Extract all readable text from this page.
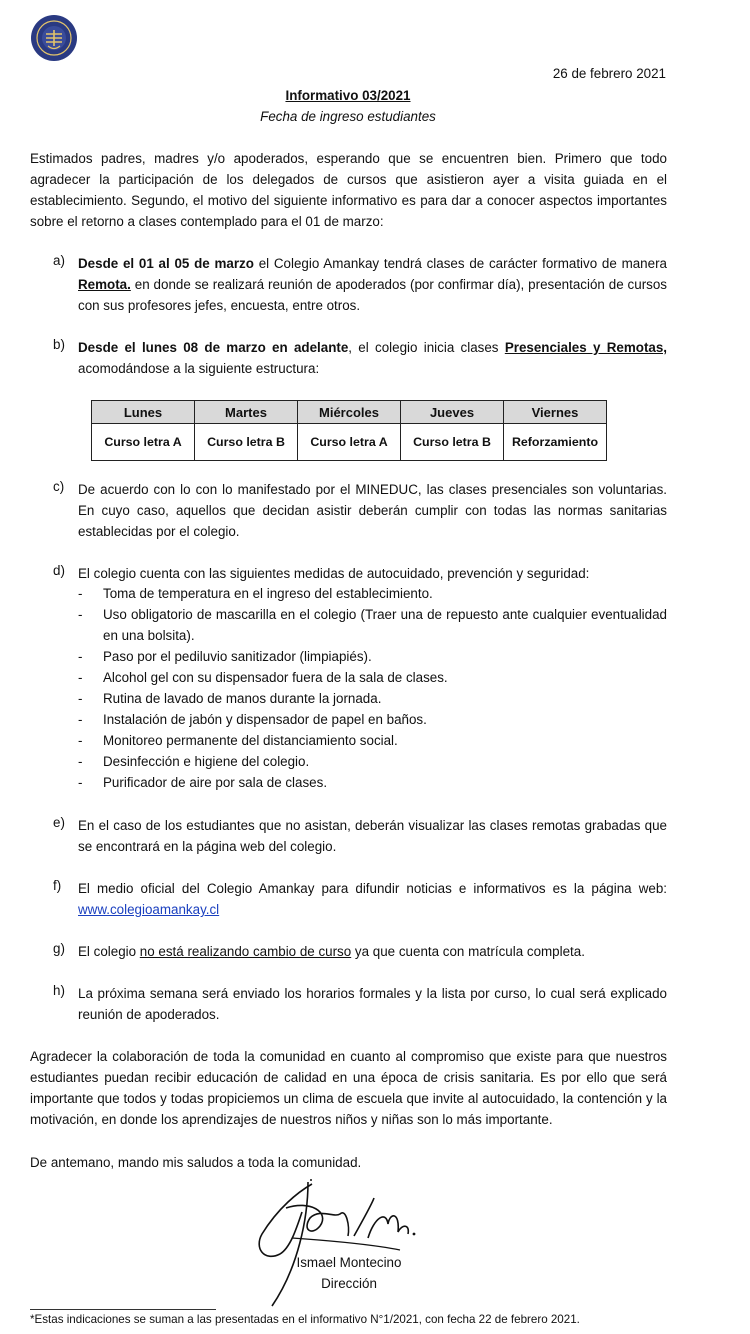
26 de febrero 2021
Informativo 03/2021
Fecha de ingreso estudiantes
Estimados padres, madres y/o apoderados, esperando que se encuentren bien. Primero que todo agradecer la participación de los delegados de cursos que asistieron ayer a visita guiada en el establecimiento. Segundo, el motivo del siguiente informativo es para dar a conocer aspectos importantes sobre el retorno a clases contemplado para el 01 de marzo:
a) Desde el 01 al 05 de marzo el Colegio Amankay tendrá clases de carácter formativo de manera Remota. en donde se realizará reunión de apoderados (por confirmar día), presentación de cursos con sus profesores jefes, encuesta, entre otros.
b) Desde el lunes 08 de marzo en adelante, el colegio inicia clases Presenciales y Remotas, acomodándose a la siguiente estructura:
Lunes	Martes	Miércoles	Jueves	Viernes
Curso letra A	Curso letra B	Curso letra A	Curso letra B	Reforzamiento
c) De acuerdo con lo con lo manifestado por el MINEDUC, las clases presenciales son voluntarias. En cuyo caso, aquellos que decidan asistir deberán cumplir con todas las normas sanitarias establecidas por el colegio.
d) El colegio cuenta con las siguientes medidas de autocuidado, prevención y seguridad:
- Toma de temperatura en el ingreso del establecimiento.
- Uso obligatorio de mascarilla en el colegio (Traer una de repuesto ante cualquier eventualidad en una bolsita).
- Paso por el pediluvio sanitizador (limpiapiés).
- Alcohol gel con su dispensador fuera de la sala de clases.
- Rutina de lavado de manos durante la jornada.
- Instalación de jabón y dispensador de papel en baños.
- Monitoreo permanente del distanciamiento social.
- Desinfección e higiene del colegio.
- Purificador de aire por sala de clases.
e) En el caso de los estudiantes que no asistan, deberán visualizar las clases remotas grabadas que se encontrará en la página web del colegio.
f) El medio oficial del Colegio Amankay para difundir noticias e informativos es la página web: www.colegioamankay.cl
g) El colegio no está realizando cambio de curso ya que cuenta con matrícula completa.
h) La próxima semana será enviado los horarios formales y la lista por curso, lo cual será explicado reunión de apoderados.
Agradecer la colaboración de toda la comunidad en cuanto al compromiso que existe para que nuestros estudiantes puedan recibir educación de calidad en una época de crisis sanitaria. Es por ello que será importante que todos y todas propiciemos un clima de escuela que invite al autocuidado, la contención y la motivación, en donde los aprendizajes de nuestros niños y niñas son lo más importante.
De antemano, mando mis saludos a toda la comunidad.
Ismael Montecino
Dirección
*Estas indicaciones se suman a las presentadas en el informativo N°1/2021, con fecha 22 de febrero 2021.
